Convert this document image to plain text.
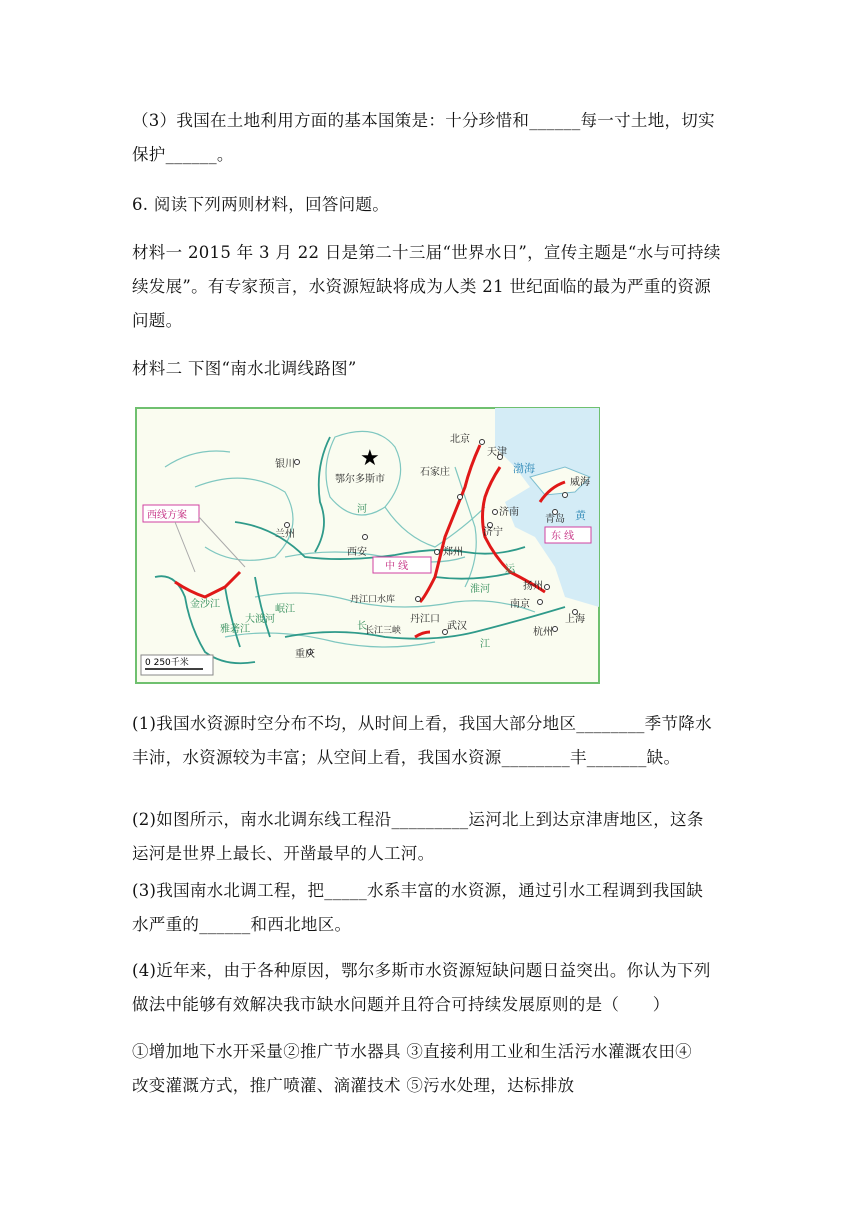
（3）我国在土地利用方面的基本国策是：十分珍惜和______每一寸土地，切实
保护______。
6. 阅读下列两则材料，回答问题。
材料一 2015 年 3 月 22 日是第二十三届“世界水日”，宣传主题是“水与可持续
续发展”。有专家预言，水资源短缺将成为人类 21 世纪面临的最为严重的资源
问题。
材料二 下图“南水北调线路图”
★
北京
天津
石家庄
济南
青岛
威海
济宁
郑州
西安
银川
兰州
鄂尔多斯市
丹江口
丹江口水库
武汉
南京
扬州
上海
杭州
重庆
长江三峡
西线方案
中 线
东 线
金沙江
雅砻江
大渡河
岷江
河
长
江
淮河
运
渤海
黄
0 250千米
(1)我国水资源时空分布不均，从时间上看，我国大部分地区________季节降水
丰沛，水资源较为丰富；从空间上看，我国水资源________丰_______缺。
(2)如图所示，南水北调东线工程沿_________运河北上到达京津唐地区，这条
运河是世界上最长、开凿最早的人工河。
(3)我国南水北调工程，把_____水系丰富的水资源，通过引水工程调到我国缺
水严重的______和西北地区。
(4)近年来，由于各种原因，鄂尔多斯市水资源短缺问题日益突出。你认为下列
做法中能够有效解决我市缺水问题并且符合可持续发展原则的是（　　）
①增加地下水开采量②推广节水器具 ③直接利用工业和生活污水灌溉农田④
改变灌溉方式，推广喷灌、滴灌技术 ⑤污水处理，达标排放
